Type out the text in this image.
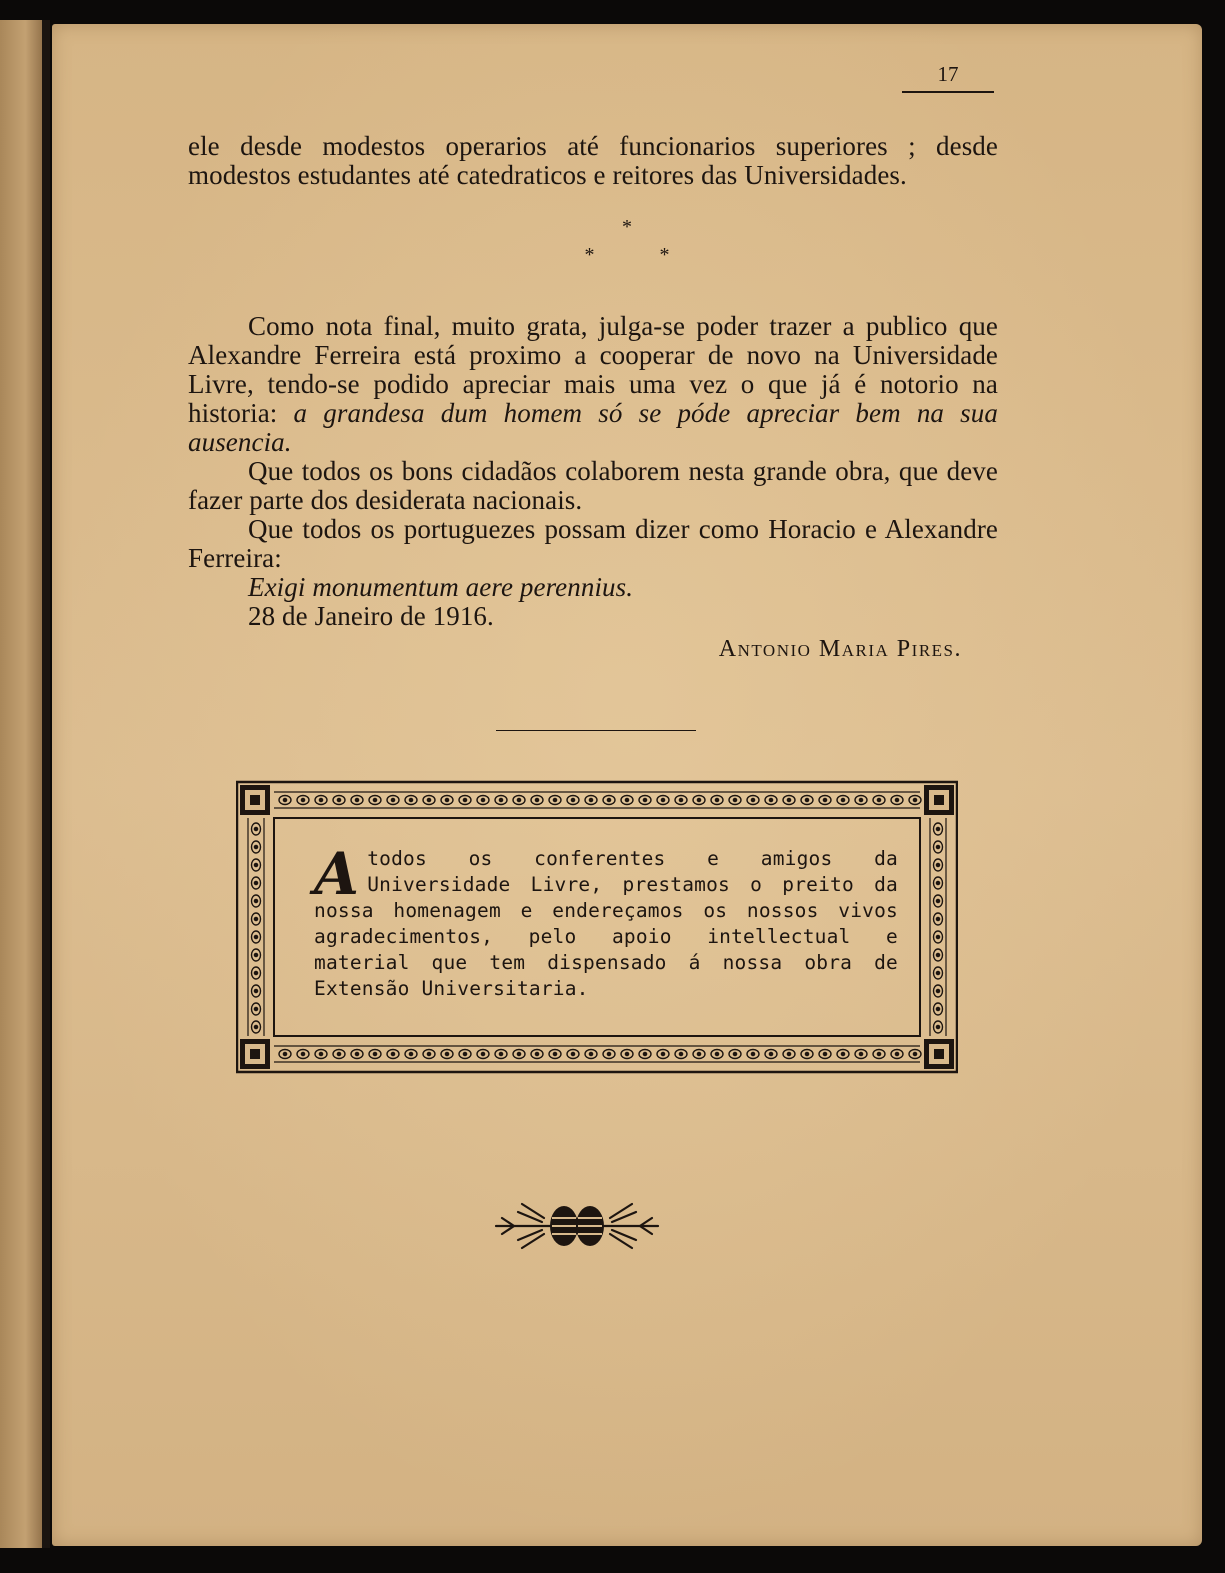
17

ele desde modestos operarios até funcionarios superiores ; desde modestos estudantes até catedraticos e reitores das Universidades.

*
*	*

Como nota final, muito grata, julga-se poder trazer a publico que Alexandre Ferreira está proximo a cooperar de novo na Universidade Livre, tendo-se podido apreciar mais uma vez o que já é notorio na historia: a grandesa dum homem só se póde apreciar bem na sua ausencia.

Que todos os bons cidadãos colaborem nesta grande obra, que deve fazer parte dos desiderata nacionais.

Que todos os portuguezes possam dizer como Horacio e Alexandre Ferreira:

Exigi monumentum aere perennius.

28 de Janeiro de 1916.

Antonio Maria Pires.
Atodos os conferentes e amigos da Universidade Livre, prestamos o preito da nossa homenagem e endereçamos os nossos vivos agradecimentos, pelo apoio intellectual e material que tem dispensado á nossa obra de Extensão Universitaria.
